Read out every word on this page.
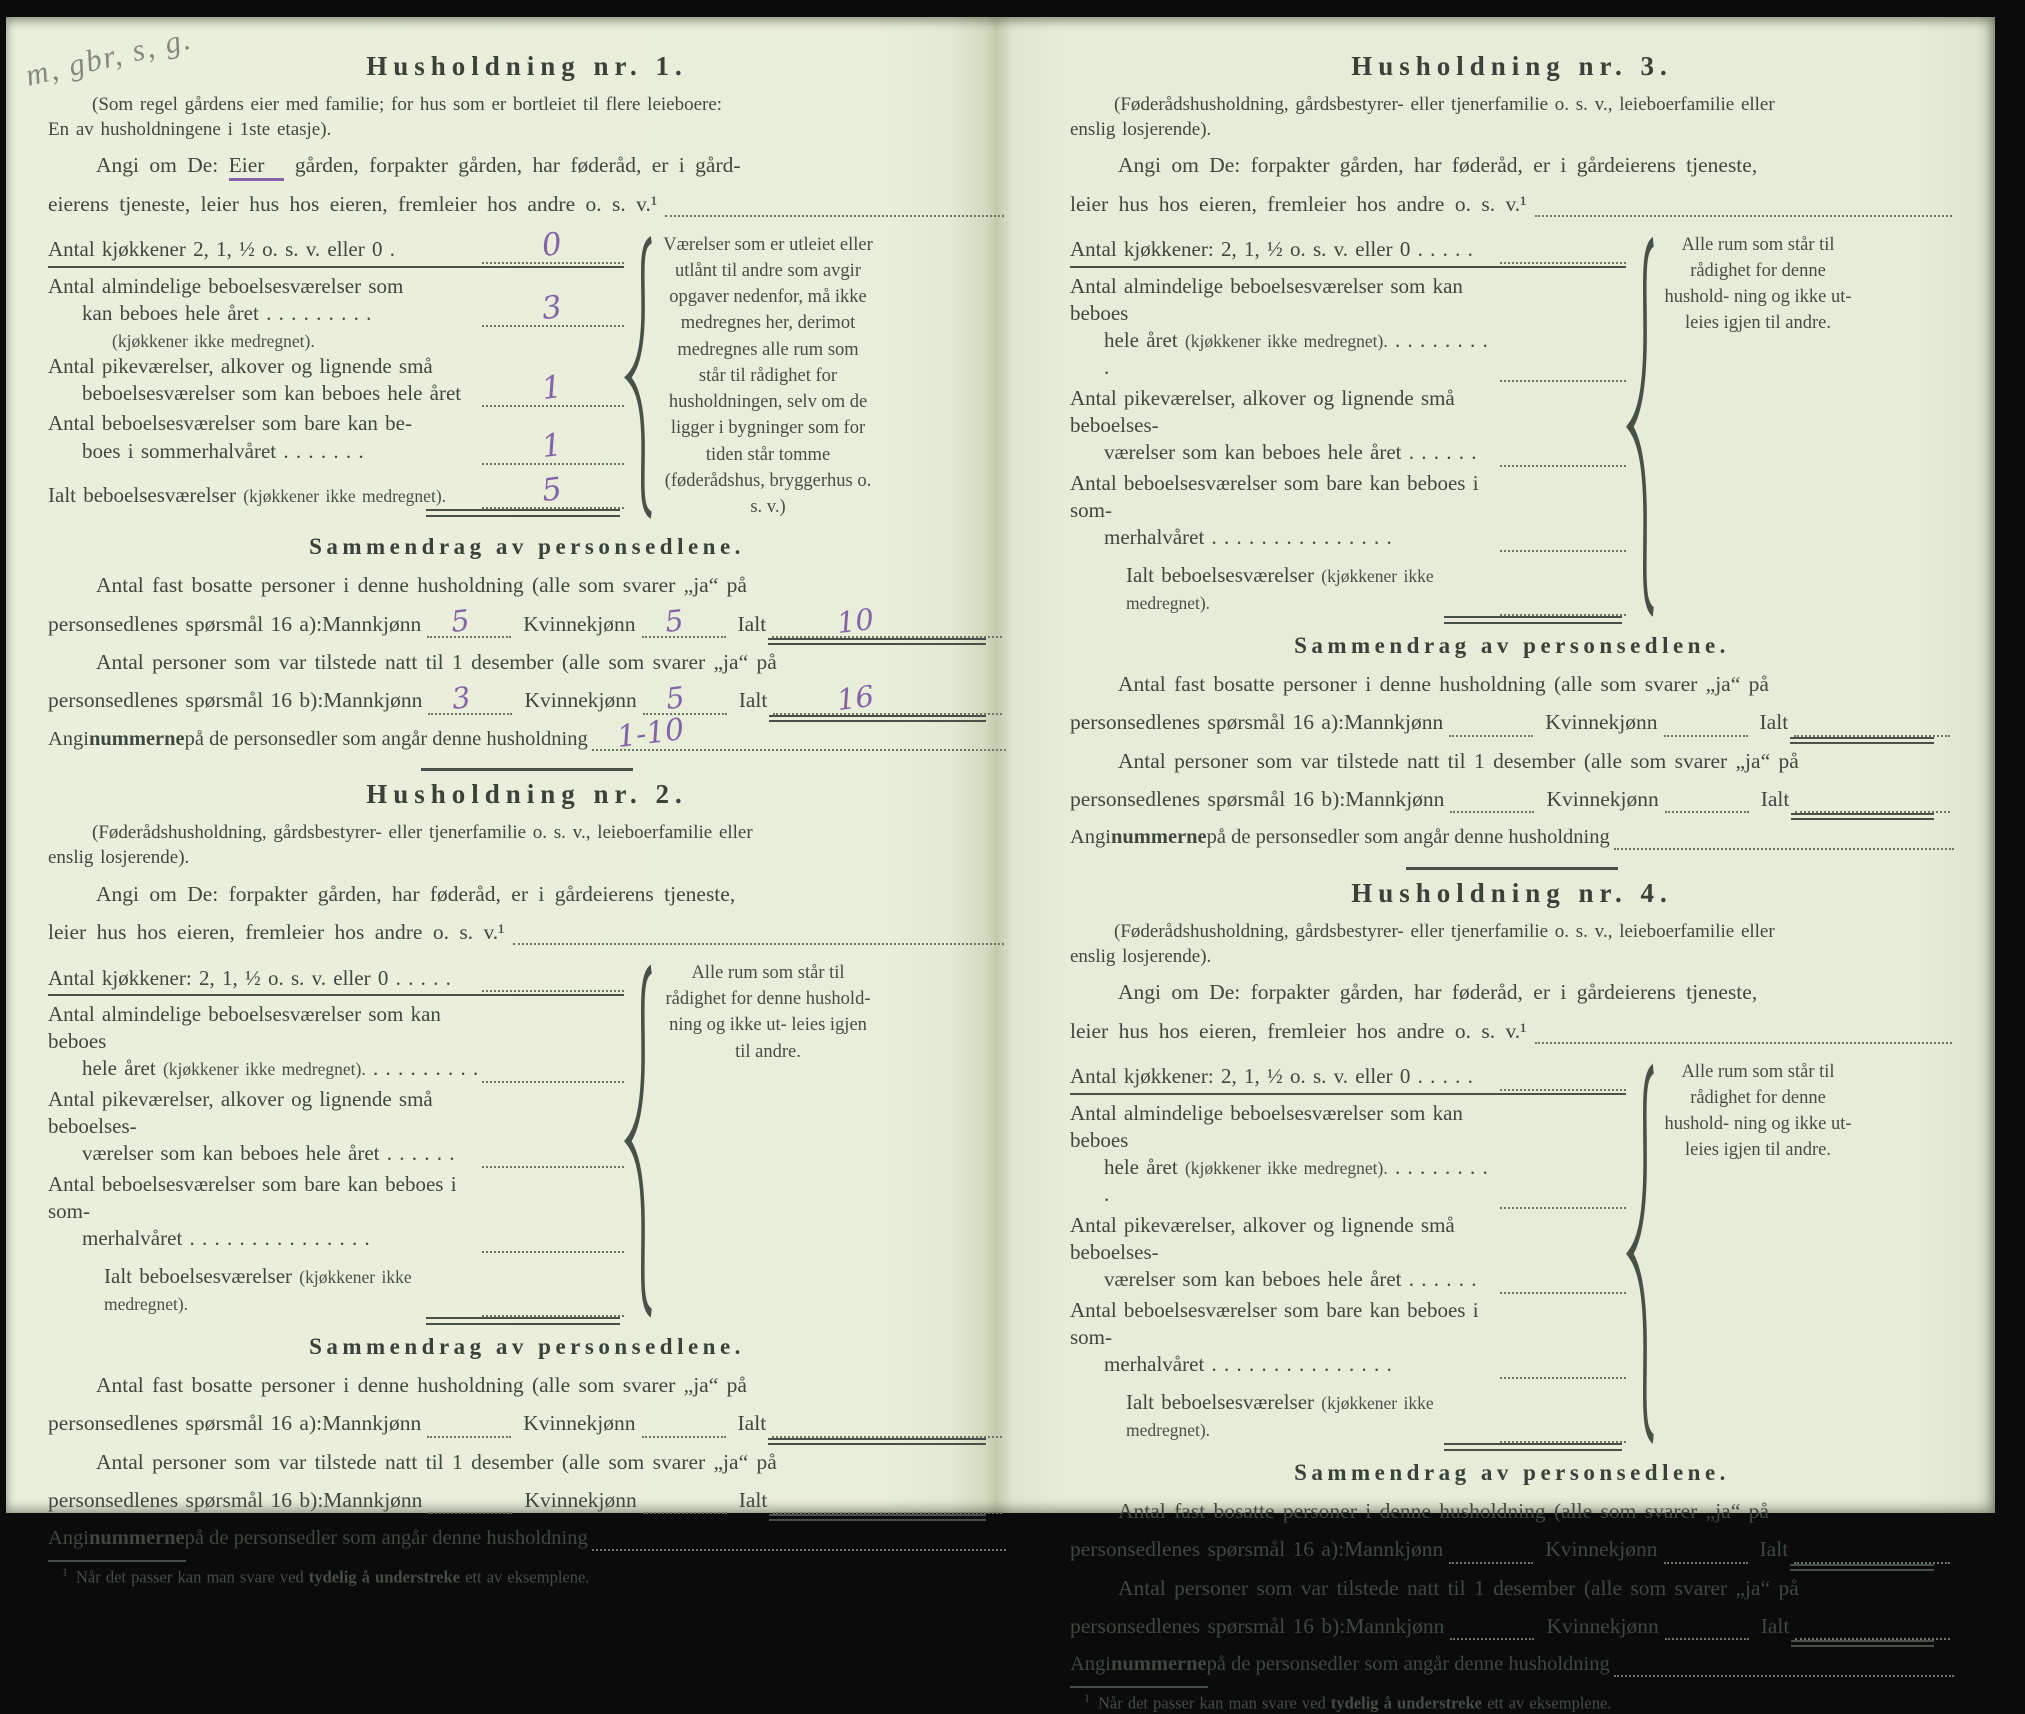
m, gbr, s, g.	Husholdning nr. 1.
(Som regel gårdens eier med familie; for hus som er bortleiet til flere leieboere:
En av husholdningene i 1ste etasje).
Angi om De: Eier gården, forpakter gården, har føderåd, er i gård-
eierens tjeneste, leier hus hos eieren, fremleier hos andre o. s. v.¹
Antal kjøkkener 2, 1, ½ o. s. v. eller 0 .	0
Antal almindelige beboelsesværelser som
kan beboes hele året . . . . . . . . .	3
(kjøkkener ikke medregnet).
Antal pikeværelser, alkover og lignende små
beboelsesværelser som kan beboes hele året	1
Antal beboelsesværelser som bare kan be-
boes i sommerhalvåret . . . . . . .	1
Ialt beboelsesværelser (kjøkkener ikke medregnet).	5
Værelser som er utleiet eller utlånt til andre som avgir opgaver nedenfor, må ikke medregnes her, derimot medregnes alle rum som står til rådighet for husholdningen, selv om de ligger i bygninger som for tiden står tomme (føderådshus, bryggerhus o. s. v.)
Sammendrag av personsedlene.
Antal fast bosatte personer i denne husholdning (alle som svarer „ja“ på
personsedlenes spørsmål 16 a): Mannkjønn 5 Kvinnekjønn 5 Ialt 10
Antal personer som var tilstede natt til 1 desember (alle som svarer „ja“ på
personsedlenes spørsmål 16 b): Mannkjønn 3 Kvinnekjønn 5 Ialt 16
Angi nummerne på de personsedler som angår denne husholdning 1-10
Husholdning nr. 2.
(Føderådshusholdning, gårdsbestyrer- eller tjenerfamilie o. s. v., leieboerfamilie eller
enslig losjerende).
Angi om De: forpakter gården, har føderåd, er i gårdeierens tjeneste,
leier hus hos eieren, fremleier hos andre o. s. v.¹
Antal kjøkkener: 2, 1, ½ o. s. v. eller 0 . . . . .
Antal almindelige beboelsesværelser som kan beboes
hele året (kjøkkener ikke medregnet). . . . . . . . . .
Antal pikeværelser, alkover og lignende små beboelses-
værelser som kan beboes hele året . . . . . .
Antal beboelsesværelser som bare kan beboes i som-
merhalvåret . . . . . . . . . . . . . . .
Ialt beboelsesværelser (kjøkkener ikke medregnet).
Alle rum som står til rådighet for denne hushold- ning og ikke ut- leies igjen til andre.
Sammendrag av personsedlene.
Antal fast bosatte personer i denne husholdning (alle som svarer „ja“ på
personsedlenes spørsmål 16 a): Mannkjønn	Kvinnekjønn	Ialt
Antal personer som var tilstede natt til 1 desember (alle som svarer „ja“ på
personsedlenes spørsmål 16 b): Mannkjønn	Kvinnekjønn	Ialt
Angi nummerne på de personsedler som angår denne husholdning
$^1$ Når det passer kan man svare ved tydelig å understreke ett av eksemplene.
Husholdning nr. 3.
(Føderådshusholdning, gårdsbestyrer- eller tjenerfamilie o. s. v., leieboerfamilie eller
enslig losjerende).
Angi om De: forpakter gården, har føderåd, er i gårdeierens tjeneste,
leier hus hos eieren, fremleier hos andre o. s. v.¹
Antal kjøkkener: 2, 1, ½ o. s. v. eller 0 . . . . .
Antal almindelige beboelsesværelser som kan beboes
hele året (kjøkkener ikke medregnet). . . . . . . . . .
Antal pikeværelser, alkover og lignende små beboelses-
værelser som kan beboes hele året . . . . . .
Antal beboelsesværelser som bare kan beboes i som-
merhalvåret . . . . . . . . . . . . . . .
Ialt beboelsesværelser (kjøkkener ikke medregnet).
Alle rum som står til rådighet for denne hushold- ning og ikke ut- leies igjen til andre.
Sammendrag av personsedlene.
Antal fast bosatte personer i denne husholdning (alle som svarer „ja“ på
personsedlenes spørsmål 16 a): Mannkjønn	Kvinnekjønn	Ialt
Antal personer som var tilstede natt til 1 desember (alle som svarer „ja“ på
personsedlenes spørsmål 16 b): Mannkjønn	Kvinnekjønn	Ialt
Angi nummerne på de personsedler som angår denne husholdning
Husholdning nr. 4.
(Føderådshusholdning, gårdsbestyrer- eller tjenerfamilie o. s. v., leieboerfamilie eller
enslig losjerende).
Angi om De: forpakter gården, har føderåd, er i gårdeierens tjeneste,
leier hus hos eieren, fremleier hos andre o. s. v.¹
Antal kjøkkener: 2, 1, ½ o. s. v. eller 0 . . . . .
Antal almindelige beboelsesværelser som kan beboes
hele året (kjøkkener ikke medregnet). . . . . . . . . .
Antal pikeværelser, alkover og lignende små beboelses-
værelser som kan beboes hele året . . . . . .
Antal beboelsesværelser som bare kan beboes i som-
merhalvåret . . . . . . . . . . . . . . .
Ialt beboelsesværelser (kjøkkener ikke medregnet).
Alle rum som står til rådighet for denne hushold- ning og ikke ut- leies igjen til andre.
Sammendrag av personsedlene.
Antal fast bosatte personer i denne husholdning (alle som svarer „ja“ på
personsedlenes spørsmål 16 a): Mannkjønn	Kvinnekjønn	Ialt
Antal personer som var tilstede natt til 1 desember (alle som svarer „ja“ på
personsedlenes spørsmål 16 b): Mannkjønn	Kvinnekjønn	Ialt
Angi nummerne på de personsedler som angår denne husholdning
$^1$ Når det passer kan man svare ved tydelig å understreke ett av eksemplene.
